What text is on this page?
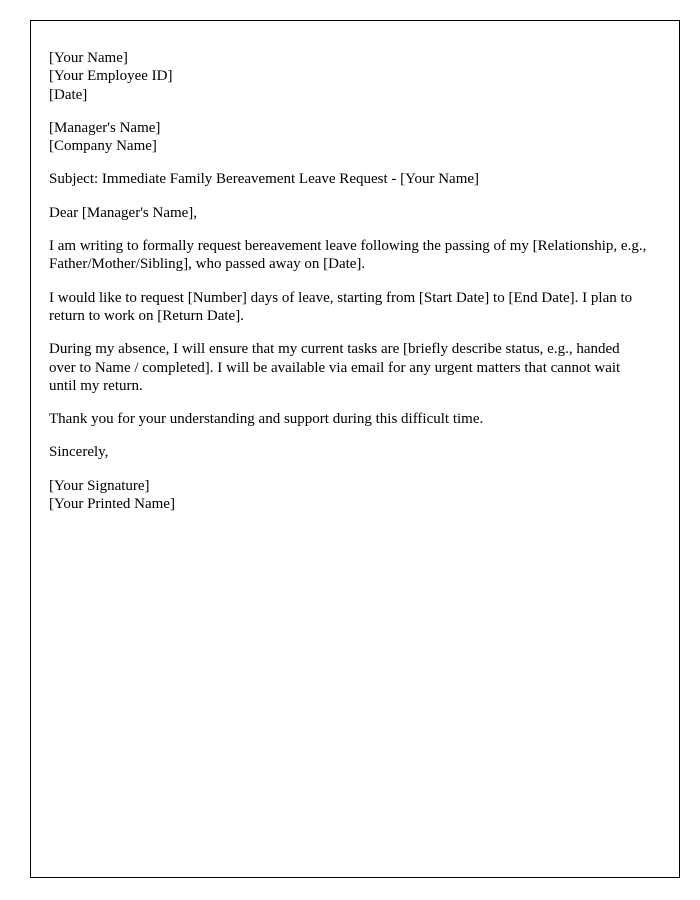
[Your Name]
[Your Employee ID]
[Date]
[Manager's Name]
[Company Name]

Subject: Immediate Family Bereavement Leave Request - [Your Name]

Dear [Manager's Name],

I am writing to formally request bereavement leave following the passing of my [Relationship, e.g., Father/Mother/Sibling], who passed away on [Date].

I would like to request [Number] days of leave, starting from [Start Date] to [End Date]. I plan to return to work on [Return Date].

During my absence, I will ensure that my current tasks are [briefly describe status, e.g., handed over to Name / completed]. I will be available via email for any urgent matters that cannot wait until my return.

Thank you for your understanding and support during this difficult time.

Sincerely,

[Your Signature]
[Your Printed Name]
